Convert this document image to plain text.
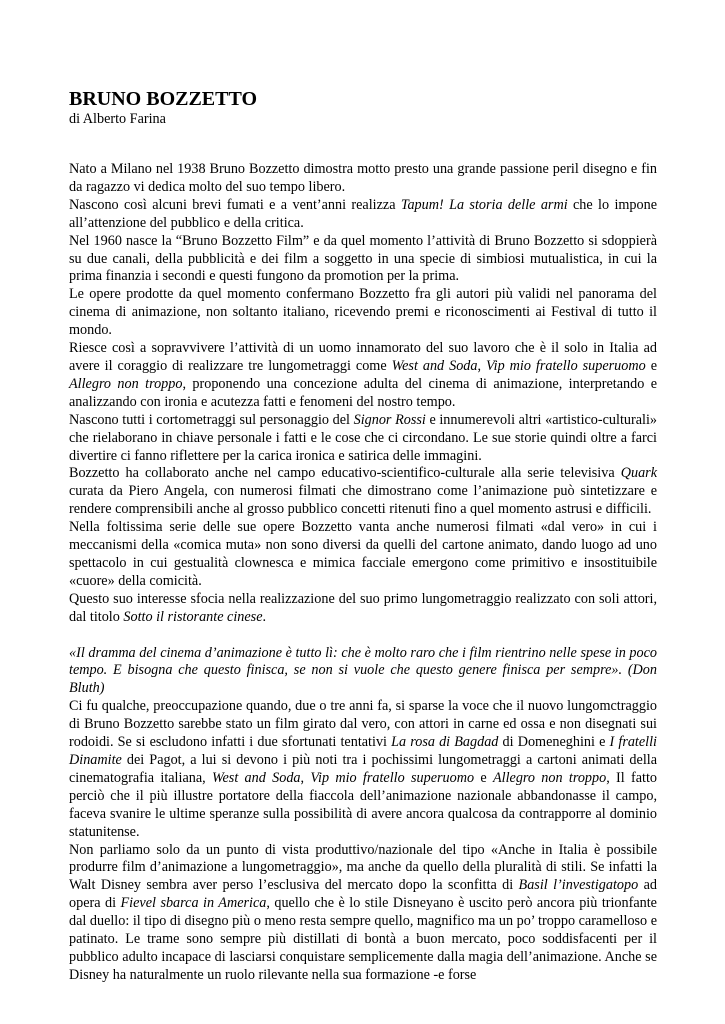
BRUNO BOZZETTO

di Alberto Farina

Nato a Milano nel 1938 Bruno Bozzetto dimostra motto presto una grande passione peril disegno e fin da ragazzo vi dedica molto del suo tempo libero.

Nascono così alcuni brevi fumati e a vent’anni realizza Tapum! La storia delle armi che lo impone all’attenzione del pubblico e della critica.

Nel 1960 nasce la “Bruno Bozzetto Film” e da quel momento l’attività di Bruno Bozzetto si sdoppierà su due canali, della pubblicità e dei film a soggetto in una specie di simbiosi mutualistica, in cui la prima finanzia i secondi e questi fungono da promotion per la prima.

Le opere prodotte da quel momento confermano Bozzetto fra gli autori più validi nel panorama del cinema di animazione, non soltanto italiano, ricevendo premi e riconoscimenti ai Festival di tutto il mondo.

Riesce così a sopravvivere l’attività di un uomo innamorato del suo lavoro che è il solo in Italia ad avere il coraggio di realizzare tre lungometraggi come West and Soda, Vip mio fratello superuomo e Allegro non troppo, proponendo una concezione adulta del cinema di animazione, interpretando e analizzando con ironia e acutezza fatti e fenomeni del nostro tempo.

Nascono tutti i cortometraggi sul personaggio del Signor Rossi e innumerevoli altri «artistico-culturali» che rielaborano in chiave personale i fatti e le cose che ci circondano. Le sue storie quindi oltre a farci divertire ci fanno riflettere per la carica ironica e satirica delle immagini.

Bozzetto ha collaborato anche nel campo educativo-scientifico-culturale alla serie televisiva Quark curata da Piero Angela, con numerosi filmati che dimostrano come l’animazione può sintetizzare e rendere comprensibili anche al grosso pubblico concetti ritenuti fino a quel momento astrusi e difficili.

Nella foltissima serie delle sue opere Bozzetto vanta anche numerosi filmati «dal vero» in cui i meccanismi della «comica muta» non sono diversi da quelli del cartone animato, dando luogo ad uno spettacolo in cui gestualità clownesca e mimica facciale emergono come primitivo e insostituibile «cuore» della comicità.

Questo suo interesse sfocia nella realizzazione del suo primo lungometraggio realizzato con soli attori, dal titolo Sotto il ristorante cinese.

«Il dramma del cinema d’animazione è tutto lì: che è molto raro che i film rientrino nelle spese in poco tempo. E bisogna che questo finisca, se non si vuole che questo genere finisca per sempre». (Don Bluth)

Ci fu qualche, preoccupazione quando, due o tre anni fa, si sparse la voce che il nuovo lungomctraggio di Bruno Bozzetto sarebbe stato un film girato dal vero, con attori in carne ed ossa e non disegnati sui rodoidi. Se si escludono infatti i due sfortunati tentativi La rosa di Bagdad di Domeneghini e I fratelli Dinamite dei Pagot, a lui si devono i più noti tra i pochissimi lungometraggi a cartoni animati della cinematografia italiana, West and Soda, Vip mio fratello superuomo e Allegro non troppo, Il fatto perciò che il più illustre portatore della fiaccola dell’animazione nazionale abbandonasse il campo, faceva svanire le ultime speranze sulla possibilità di avere ancora qualcosa da contrapporre al dominio statunitense.

Non parliamo solo da un punto di vista produttivo/nazionale del tipo «Anche in Italia è possibile produrre film d’animazione a lungometraggio», ma anche da quello della pluralità di stili. Se infatti la Walt Disney sembra aver perso l’esclusiva del mercato dopo la sconfitta di Basil l’investigatopo ad opera di Fievel sbarca in America, quello che è lo stile Disneyano è uscito però ancora più trionfante dal duello: il tipo di disegno più o meno resta sempre quello, magnifico ma un po’ troppo caramelloso e patinato. Le trame sono sempre più distillati di bontà a buon mercato, poco soddisfacenti per il pubblico adulto incapace di lasciarsi conquistare semplicemente dalla magia dell’animazione. Anche se Disney ha naturalmente un ruolo rilevante nella sua formazione -e forse
